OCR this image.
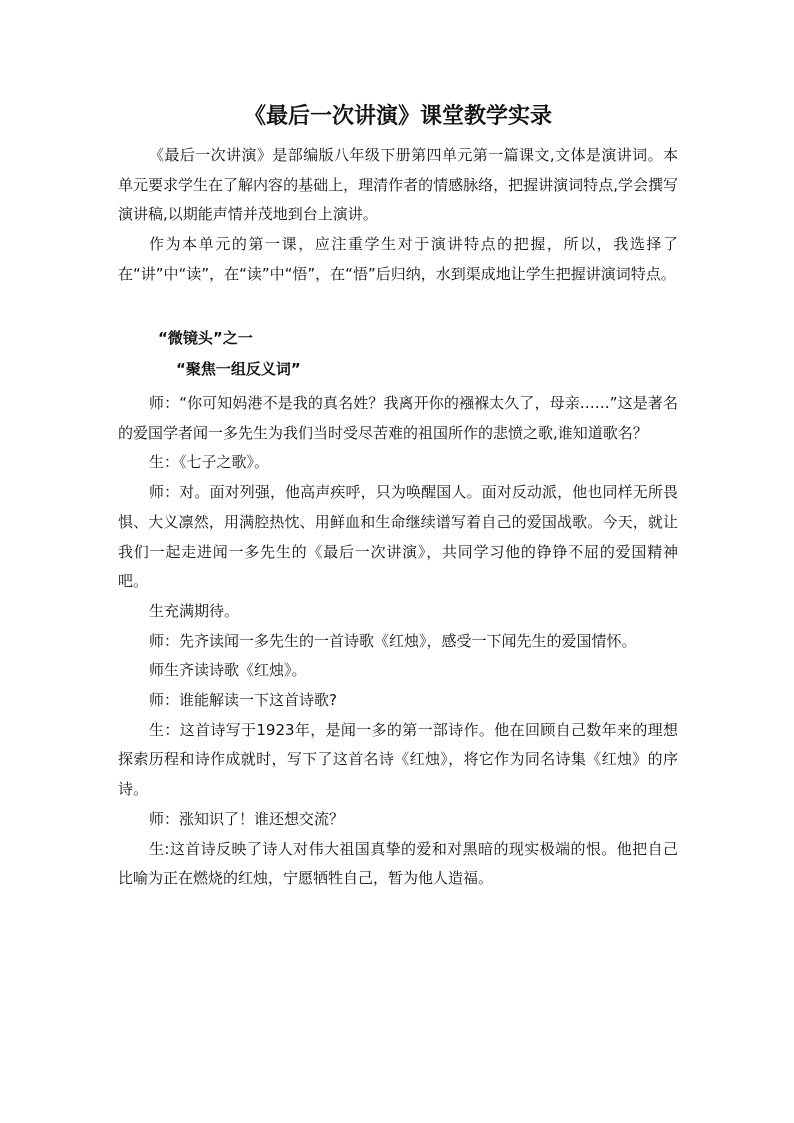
《最后一次讲演》课堂教学实录

《最后一次讲演》是部编版八年级下册第四单元第一篇课文,文体是演讲词。本单元要求学生在了解内容的基础上，理清作者的情感脉络，把握讲演词特点,学会撰写演讲稿,以期能声情并茂地到台上演讲。

作为本单元的第一课，应注重学生对于演讲特点的把握，所以，我选择了在“讲”中“读”，在“读”中“悟”，在“悟”后归纳，水到渠成地让学生把握讲演词特点。

“微镜头”之一
“聚焦一组反义词”

师：“你可知妈港不是我的真名姓？我离开你的襁褓太久了，母亲……”这是著名的爱国学者闻一多先生为我们当时受尽苦难的祖国所作的悲愤之歌,谁知道歌名？

生：《七子之歌》。

师：对。面对列强，他高声疾呼，只为唤醒国人。面对反动派，他也同样无所畏惧、大义凛然，用满腔热忱、用鲜血和生命继续谱写着自己的爱国战歌。今天，就让我们一起走进闻一多先生的《最后一次讲演》，共同学习他的铮铮不屈的爱国精神吧。

生充满期待。

师：先齐读闻一多先生的一首诗歌《红烛》，感受一下闻先生的爱国情怀。

师生齐读诗歌《红烛》。

师：谁能解读一下这首诗歌?

生：这首诗写于1923年，是闻一多的第一部诗作。他在回顾自己数年来的理想探索历程和诗作成就时，写下了这首名诗《红烛》，将它作为同名诗集《红烛》的序诗。

师：涨知识了！谁还想交流？

生:这首诗反映了诗人对伟大祖国真挚的爱和对黑暗的现实极端的恨。他把自己比喻为正在燃烧的红烛，宁愿牺牲自己，暂为他人造福。
